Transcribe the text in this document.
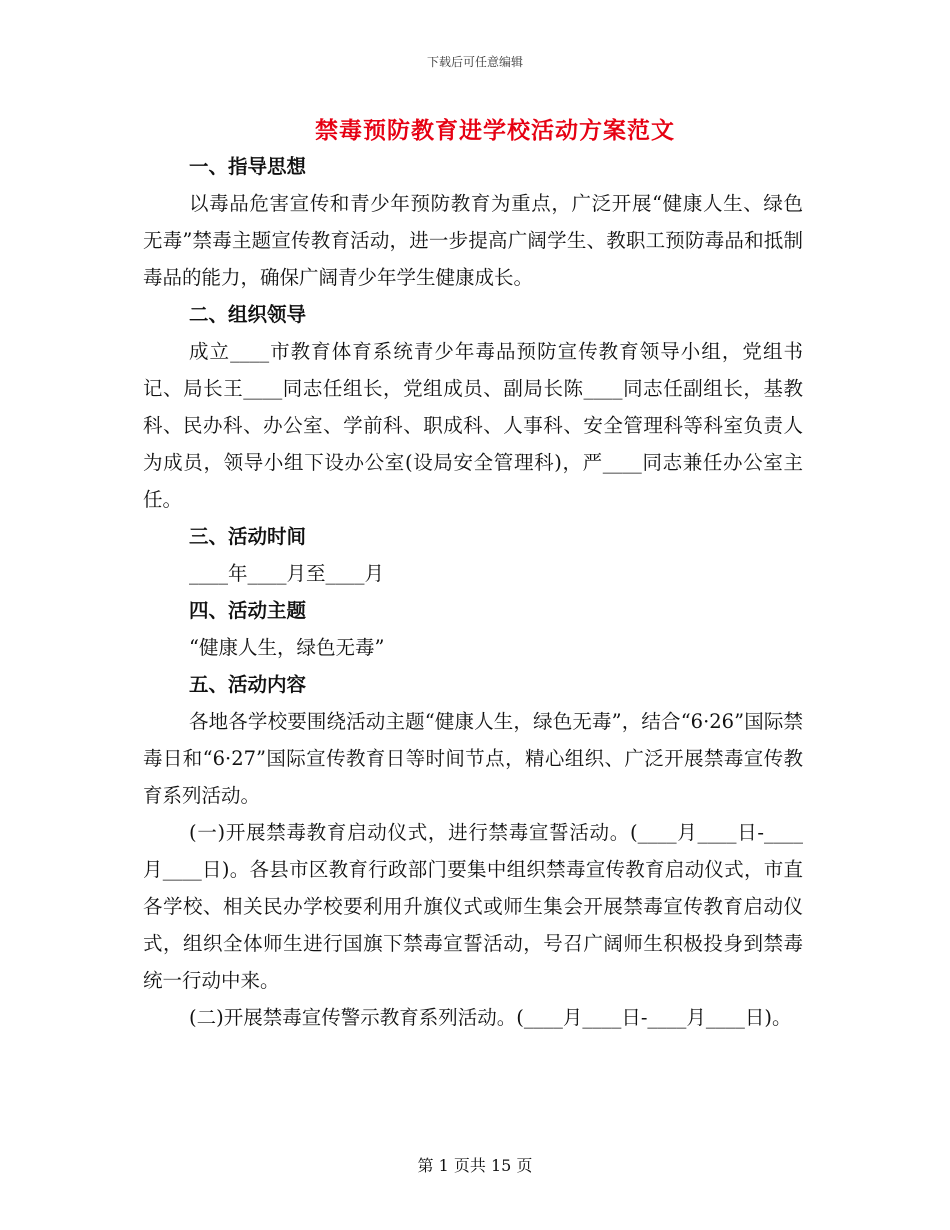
下载后可任意编辑
禁毒预防教育进学校活动方案范文

一、指导思想

以毒品危害宣传和青少年预防教育为重点，广泛开展“健康人生、绿色无毒”禁毒主题宣传教育活动，进一步提高广阔学生、教职工预防毒品和抵制毒品的能力，确保广阔青少年学生健康成长。

二、组织领导

成立____市教育体育系统青少年毒品预防宣传教育领导小组，党组书记、局长王____同志任组长，党组成员、副局长陈____同志任副组长，基教科、民办科、办公室、学前科、职成科、人事科、安全管理科等科室负责人为成员，领导小组下设办公室(设局安全管理科)，严____同志兼任办公室主任。

三、活动时间

____年____月至____月

四、活动主题

“健康人生，绿色无毒”

五、活动内容

各地各学校要围绕活动主题“健康人生，绿色无毒”，结合“6·26”国际禁毒日和“6·27”国际宣传教育日等时间节点，精心组织、广泛开展禁毒宣传教育系列活动。

(一)开展禁毒教育启动仪式，进行禁毒宣誓活动。(____月____日-____月____日)。各县市区教育行政部门要集中组织禁毒宣传教育启动仪式，市直各学校、相关民办学校要利用升旗仪式或师生集会开展禁毒宣传教育启动仪式，组织全体师生进行国旗下禁毒宣誓活动，号召广阔师生积极投身到禁毒统一行动中来。

(二)开展禁毒宣传警示教育系列活动。(____月____日-____月____日)。

第 1 页共 15 页
